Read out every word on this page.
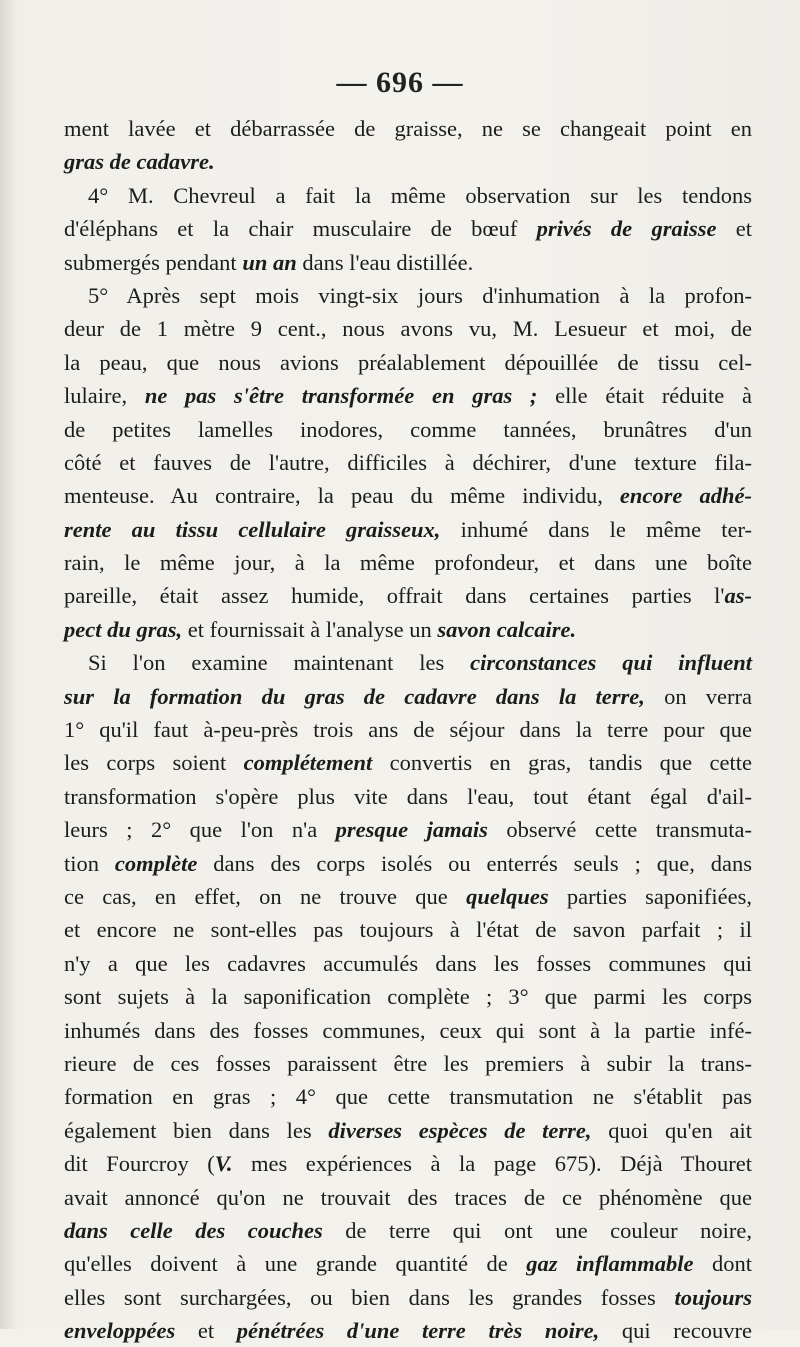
— 696 —
ment lavée et débarrassée de graisse, ne se changeait point en
gras de cadavre.
4° M. Chevreul a fait la même observation sur les tendons
d'éléphans et la chair musculaire de bœuf privés de graisse et
submergés pendant un an dans l'eau distillée.
5° Après sept mois vingt-six jours d'inhumation à la profon-
deur de 1 mètre 9 cent., nous avons vu, M. Lesueur et moi, de
la peau, que nous avions préalablement dépouillée de tissu cel-
lulaire, ne pas s'être transformée en gras ; elle était réduite à
de petites lamelles inodores, comme tannées, brunâtres d'un
côté et fauves de l'autre, difficiles à déchirer, d'une texture fila-
menteuse. Au contraire, la peau du même individu, encore adhé-
rente au tissu cellulaire graisseux, inhumé dans le même ter-
rain, le même jour, à la même profondeur, et dans une boîte
pareille, était assez humide, offrait dans certaines parties l'as-
pect du gras, et fournissait à l'analyse un savon calcaire.
Si l'on examine maintenant les circonstances qui influent
sur la formation du gras de cadavre dans la terre, on verra
1° qu'il faut à-peu-près trois ans de séjour dans la terre pour que
les corps soient complétement convertis en gras, tandis que cette
transformation s'opère plus vite dans l'eau, tout étant égal d'ail-
leurs ; 2° que l'on n'a presque jamais observé cette transmuta-
tion complète dans des corps isolés ou enterrés seuls ; que, dans
ce cas, en effet, on ne trouve que quelques parties saponifiées,
et encore ne sont-elles pas toujours à l'état de savon parfait ; il
n'y a que les cadavres accumulés dans les fosses communes qui
sont sujets à la saponification complète ; 3° que parmi les corps
inhumés dans des fosses communes, ceux qui sont à la partie infé-
rieure de ces fosses paraissent être les premiers à subir la trans-
formation en gras ; 4° que cette transmutation ne s'établit pas
également bien dans les diverses espèces de terre, quoi qu'en ait
dit Fourcroy (V. mes expériences à la page 675). Déjà Thouret
avait annoncé qu'on ne trouvait des traces de ce phénomène que
dans celle des couches de terre qui ont une couleur noire,
qu'elles doivent à une grande quantité de gaz inflammable dont
elles sont surchargées, ou bien dans les grandes fosses toujours
enveloppées et pénétrées d'une terre très noire, qui recouvre
